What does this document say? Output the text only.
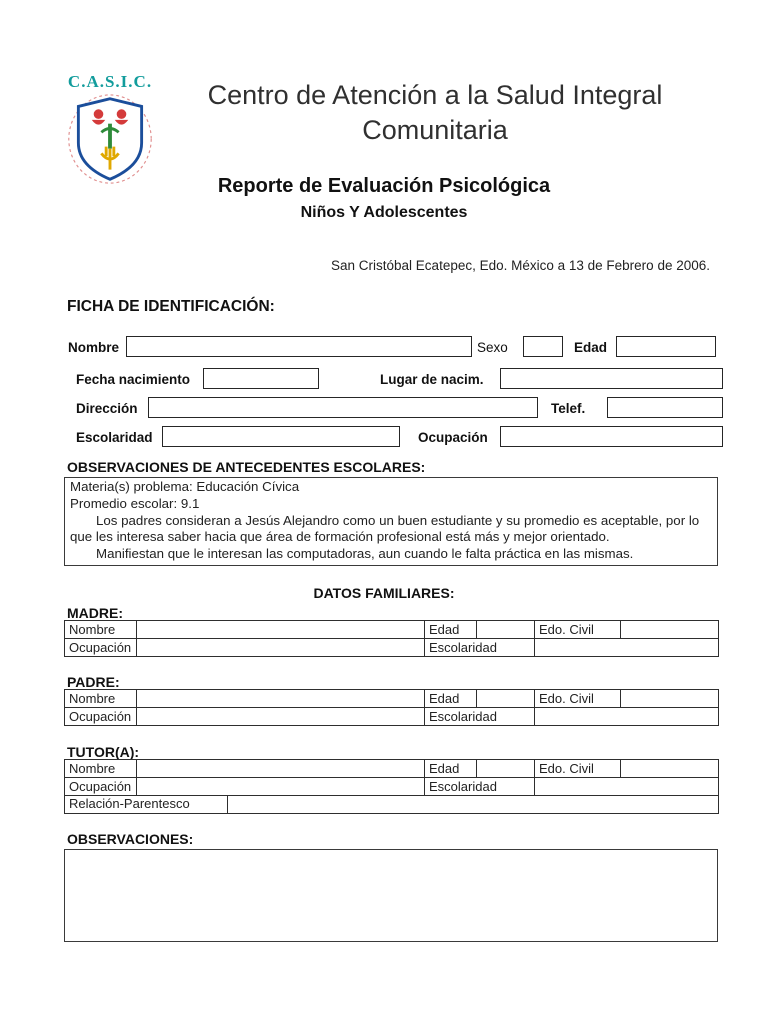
C.A.S.I.C.	Centro de Atención a la Salud Integral
Comunitaria
Reporte de Evaluación Psicológica
Niños Y Adolescentes
San Cristóbal Ecatepec, Edo. México a 13 de Febrero de 2006.
FICHA DE IDENTIFICACIÓN:
Nombre	Sexo	Edad
Fecha nacimiento	Lugar de nacim.
Dirección	Telef.
Escolaridad	Ocupación
OBSERVACIONES DE ANTECEDENTES ESCOLARES:

Materia(s) problema: Educación Cívica

Promedio escolar: 9.1

Los padres consideran a Jesús Alejandro como un buen estudiante y su promedio es aceptable, por lo que les interesa saber hacia que área de formación profesional está más y mejor orientado.

Manifiestan que le interesan las computadoras, aun cuando le falta práctica en las mismas.

DATOS FAMILIARES:
MADRE:
Nombre		Edad		Edo. Civil	
Ocupación		Escolaridad			
PADRE:
Nombre		Edad		Edo. Civil	
Ocupación		Escolaridad			
TUTOR(A):
Nombre		Edad		Edo. Civil	
Ocupación		Escolaridad			

Relación-Parentesco					
OBSERVACIONES:
